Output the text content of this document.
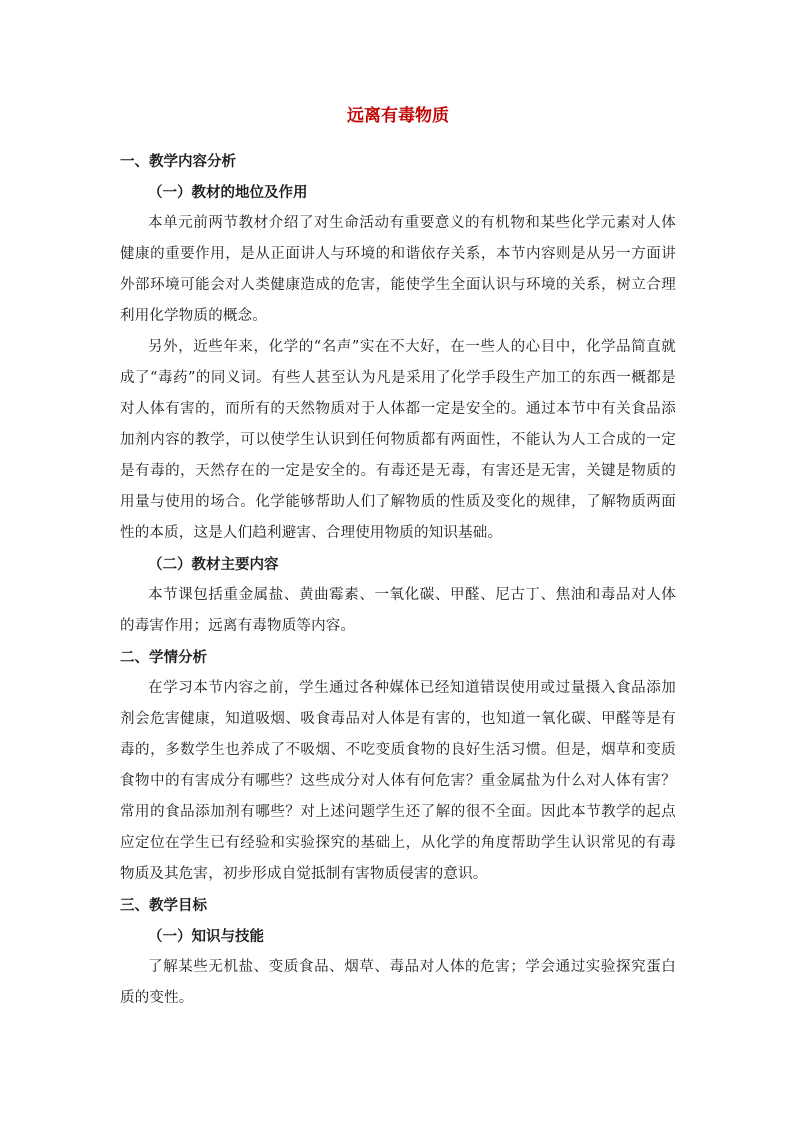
远离有毒物质
一、教学内容分析
（一）教材的地位及作用

本单元前两节教材介绍了对生命活动有重要意义的有机物和某些化学元素对人体健康的重要作用，是从正面讲人与环境的和谐依存关系，本节内容则是从另一方面讲外部环境可能会对人类健康造成的危害，能使学生全面认识与环境的关系，树立合理利用化学物质的概念。

另外，近些年来，化学的“名声”实在不大好，在一些人的心目中，化学品简直就成了“毒药”的同义词。有些人甚至认为凡是采用了化学手段生产加工的东西一概都是对人体有害的，而所有的天然物质对于人体都一定是安全的。通过本节中有关食品添加剂内容的教学，可以使学生认识到任何物质都有两面性，不能认为人工合成的一定是有毒的，天然存在的一定是安全的。有毒还是无毒，有害还是无害，关键是物质的用量与使用的场合。化学能够帮助人们了解物质的性质及变化的规律，了解物质两面性的本质，这是人们趋利避害、合理使用物质的知识基础。

（二）教材主要内容

本节课包括重金属盐、黄曲霉素、一氧化碳、甲醛、尼古丁、焦油和毒品对人体的毒害作用；远离有毒物质等内容。

二、学情分析

在学习本节内容之前，学生通过各种媒体已经知道错误使用或过量摄入食品添加剂会危害健康，知道吸烟、吸食毒品对人体是有害的，也知道一氧化碳、甲醛等是有毒的，多数学生也养成了不吸烟、不吃变质食物的良好生活习惯。但是，烟草和变质食物中的有害成分有哪些？这些成分对人体有何危害？重金属盐为什么对人体有害？常用的食品添加剂有哪些？对上述问题学生还了解的很不全面。因此本节教学的起点应定位在学生已有经验和实验探究的基础上，从化学的角度帮助学生认识常见的有毒物质及其危害，初步形成自觉抵制有害物质侵害的意识。

三、教学目标
（一）知识与技能

了解某些无机盐、变质食品、烟草、毒品对人体的危害；学会通过实验探究蛋白质的变性。
